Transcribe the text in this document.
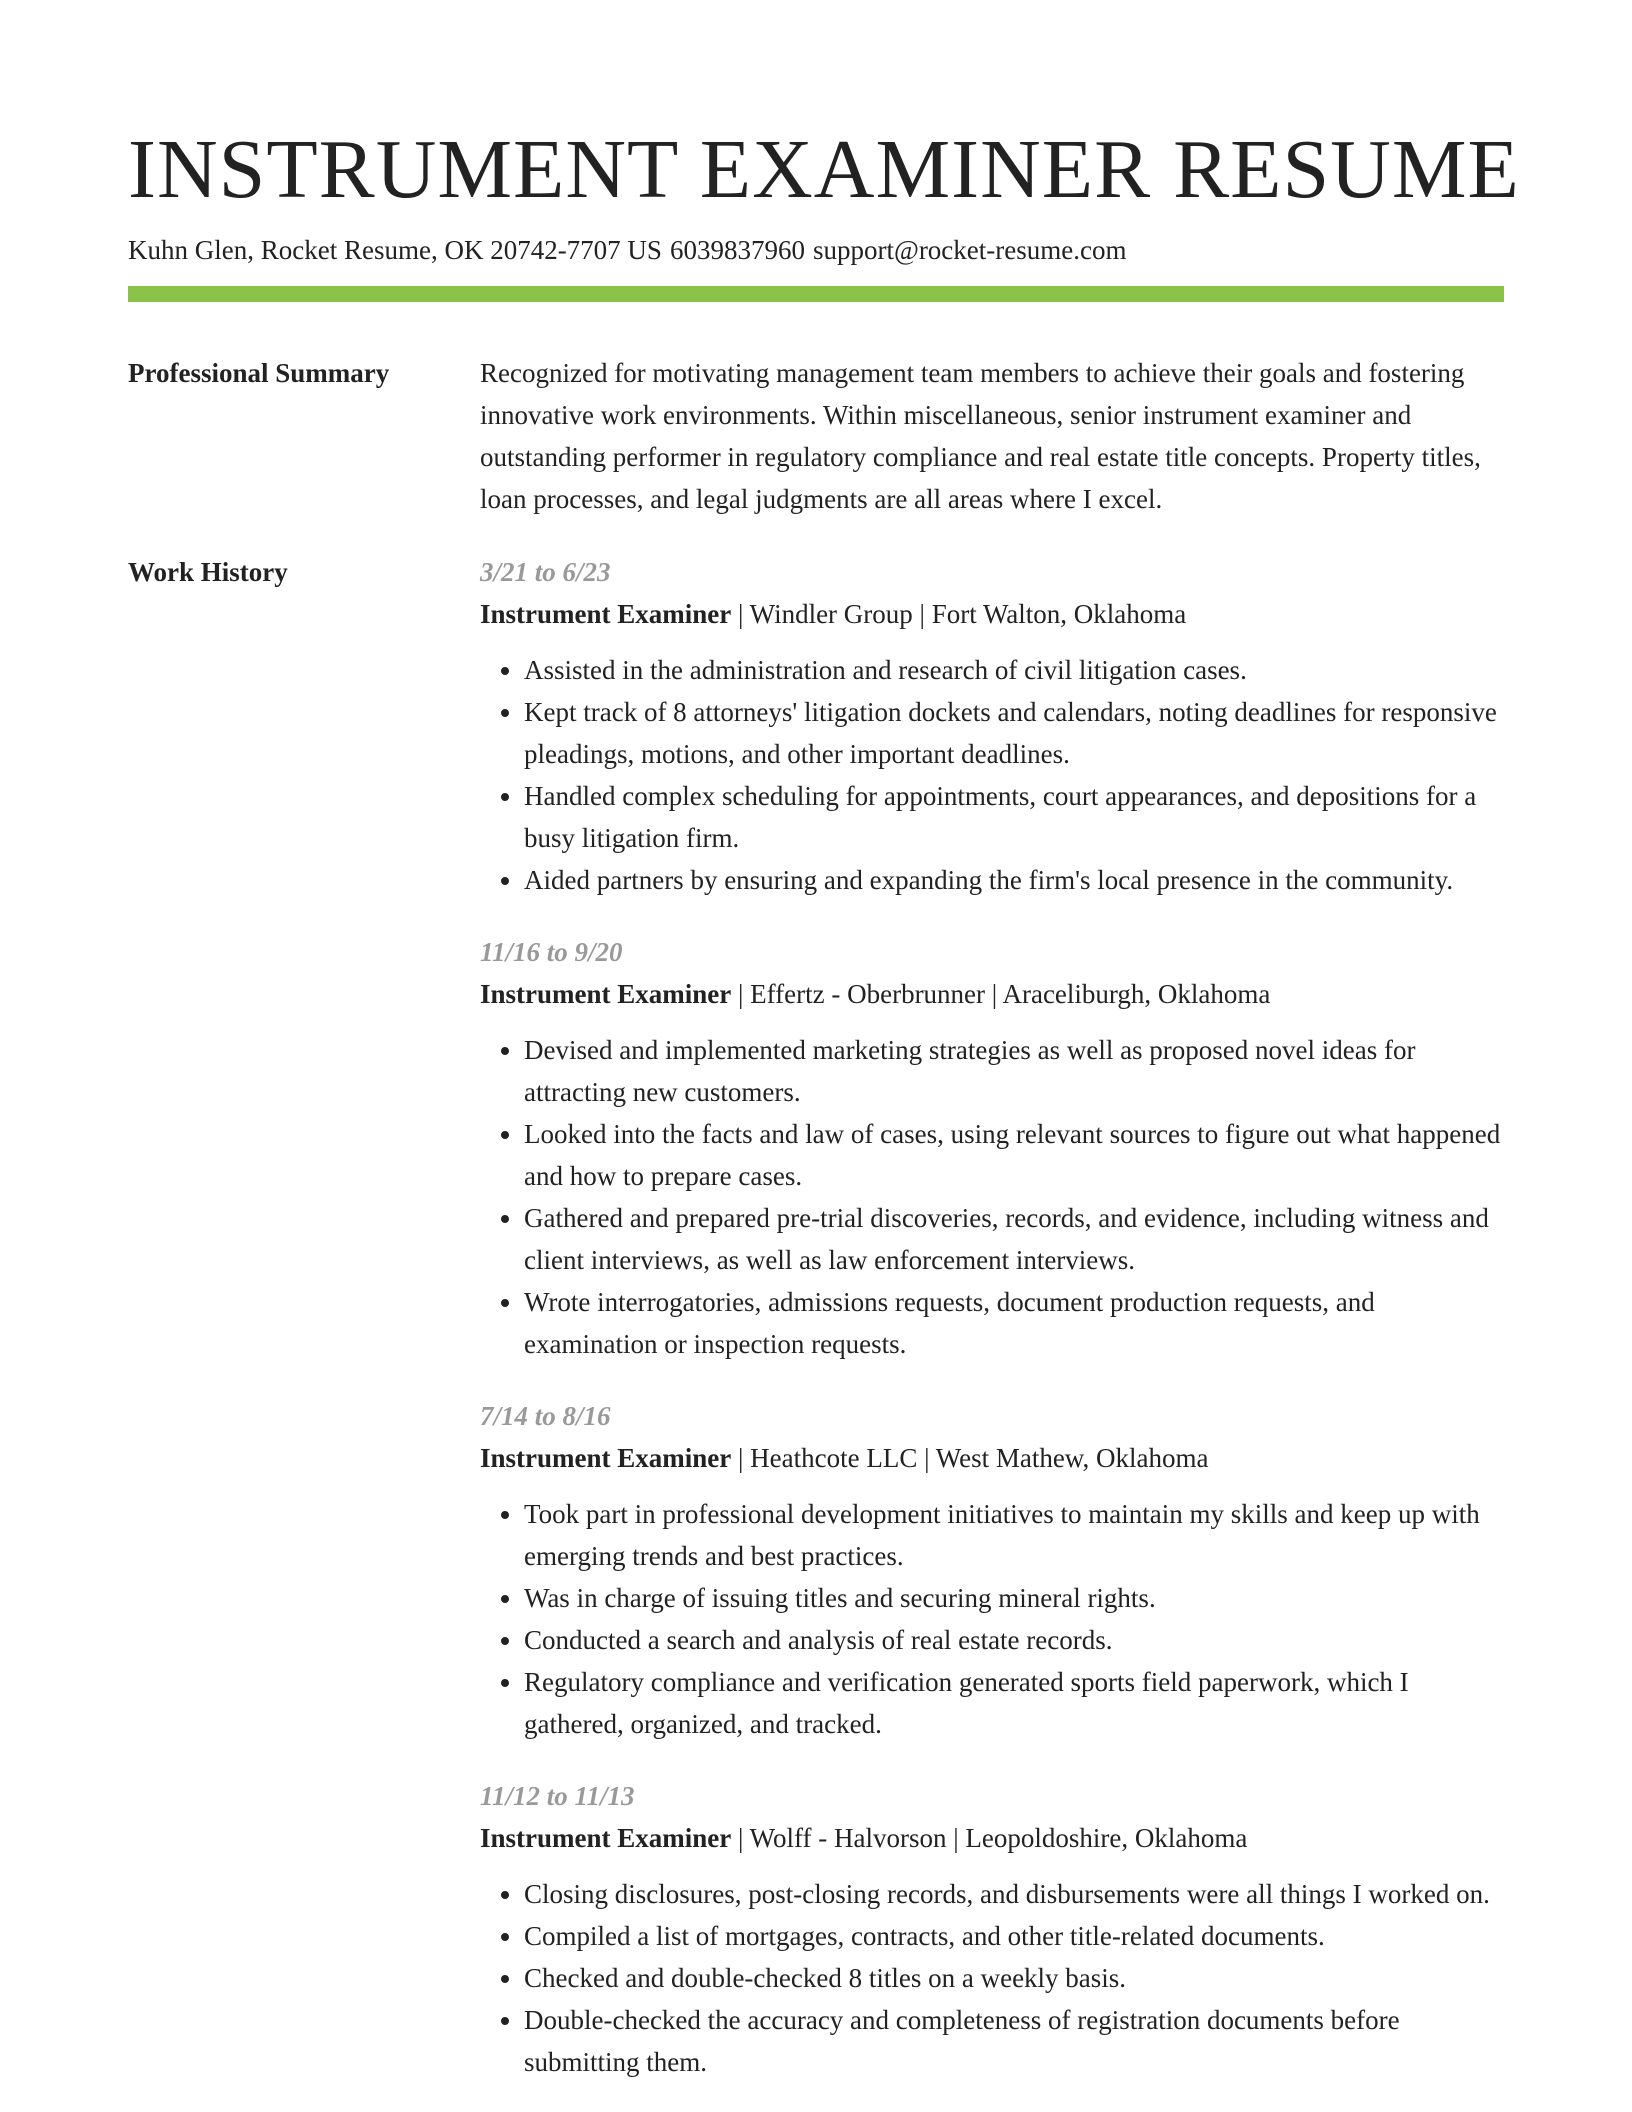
INSTRUMENT EXAMINER RESUME
Kuhn Glen, Rocket Resume, OK 20742-7707 US 6039837960 support@rocket-resume.com
Professional Summary	Recognized for motivating management team members to achieve their goals and fostering innovative work environments. Within miscellaneous, senior instrument examiner and outstanding performer in regulatory compliance and real estate title concepts. Property titles, loan processes, and legal judgments are all areas where I excel.

Work History	3/21 to 6/23
Instrument Examiner | Windler Group | Fort Walton, Oklahoma
• Assisted in the administration and research of civil litigation cases.
• Kept track of 8 attorneys' litigation dockets and calendars, noting deadlines for responsive pleadings, motions, and other important deadlines.
• Handled complex scheduling for appointments, court appearances, and depositions for a busy litigation firm.
• Aided partners by ensuring and expanding the firm's local presence in the community.
11/16 to 9/20
Instrument Examiner | Effertz - Oberbrunner | Araceliburgh, Oklahoma
• Devised and implemented marketing strategies as well as proposed novel ideas for attracting new customers.
• Looked into the facts and law of cases, using relevant sources to figure out what happened and how to prepare cases.
• Gathered and prepared pre-trial discoveries, records, and evidence, including witness and client interviews, as well as law enforcement interviews.
• Wrote interrogatories, admissions requests, document production requests, and examination or inspection requests.
7/14 to 8/16
Instrument Examiner | Heathcote LLC | West Mathew, Oklahoma
• Took part in professional development initiatives to maintain my skills and keep up with emerging trends and best practices.
• Was in charge of issuing titles and securing mineral rights.
• Conducted a search and analysis of real estate records.
• Regulatory compliance and verification generated sports field paperwork, which I gathered, organized, and tracked.
11/12 to 11/13
Instrument Examiner | Wolff - Halvorson | Leopoldoshire, Oklahoma
• Closing disclosures, post-closing records, and disbursements were all things I worked on.
• Compiled a list of mortgages, contracts, and other title-related documents.
• Checked and double-checked 8 titles on a weekly basis.
• Double-checked the accuracy and completeness of registration documents before submitting them.
